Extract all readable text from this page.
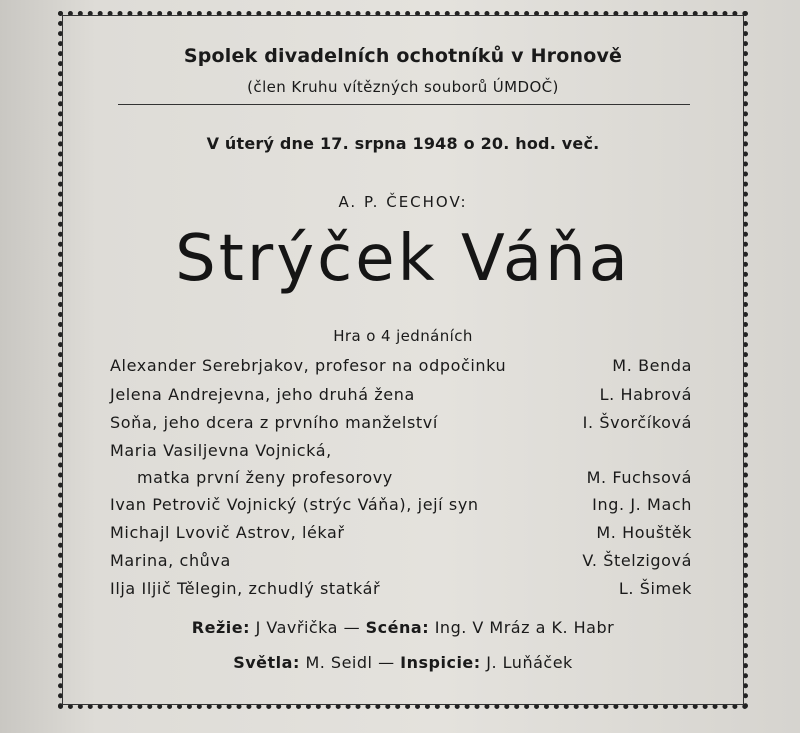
Spolek divadelních ochotníků v Hronově
(člen Kruhu vítězných souborů ÚMDOČ)
V úterý dne 17. srpna 1948 o 20. hod. več.
A. P. ČECHOV:
Strýček Váňa
Hra o 4 jednáních
Alexander Serebrjakov, profesor na odpočinku	M. Benda
Jelena Andrejevna, jeho druhá žena	L. Habrová
Soňa, jeho dcera z prvního manželství	I. Švorčíková
Maria Vasiljevna Vojnická,
matka první ženy profesorovy	M. Fuchsová
Ivan Petrovič Vojnický (strýc Váňa), její syn	Ing. J. Mach
Michajl Lvovič Astrov, lékař	M. Houštěk
Marina, chůva	V. Štelzigová
Ilja Iljič Tělegin, zchudlý statkář	L. Šimek
Režie: J Vavřička — Scéna: Ing. V Mráz a K. Habr
Světla: M. Seidl — Inspicie: J. Luňáček
